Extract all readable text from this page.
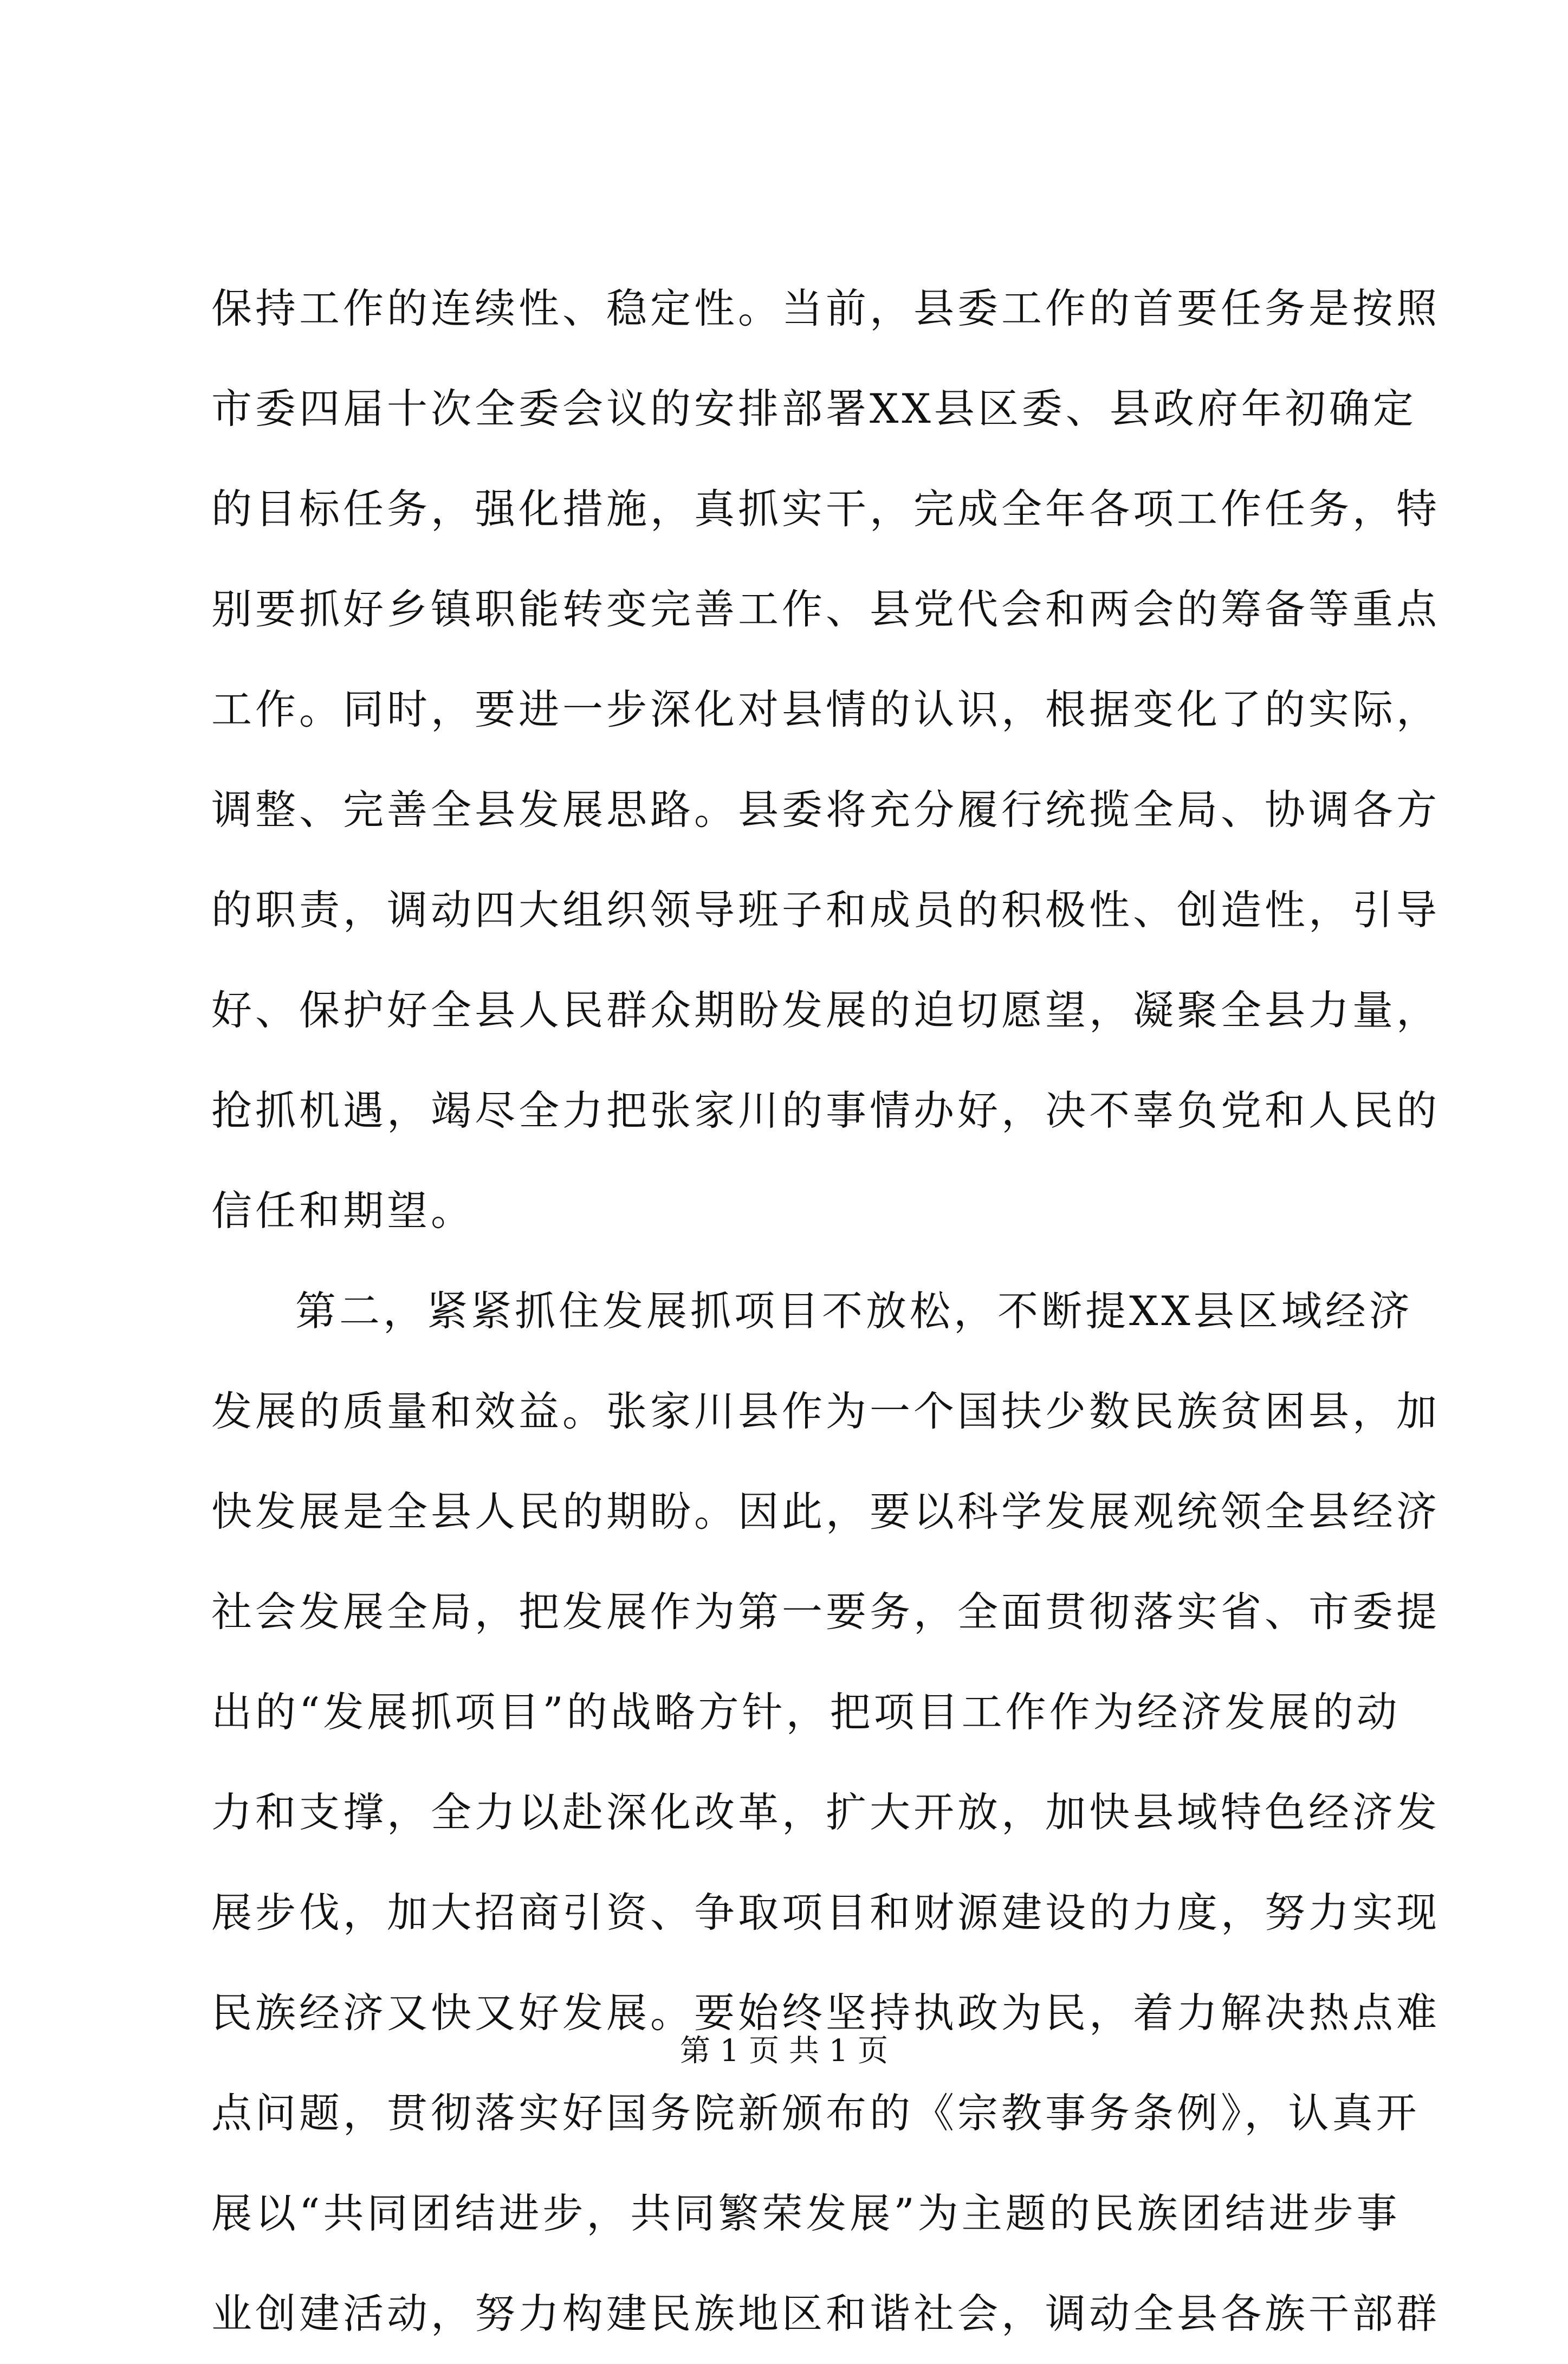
保持工作的连续性、稳定性。当前，县委工作的首要任务是按照
市委四届十次全委会议的安排部署XX县区委、县政府年初确定
的目标任务，强化措施，真抓实干，完成全年各项工作任务，特
别要抓好乡镇职能转变完善工作、县党代会和两会的筹备等重点
工作。同时，要进一步深化对县情的认识，根据变化了的实际，
调整、完善全县发展思路。县委将充分履行统揽全局、协调各方
的职责，调动四大组织领导班子和成员的积极性、创造性，引导
好、保护好全县人民群众期盼发展的迫切愿望，凝聚全县力量，
抢抓机遇，竭尽全力把张家川的事情办好，决不辜负党和人民的
信任和期望。
第二，紧紧抓住发展抓项目不放松，不断提XX县区域经济
发展的质量和效益。张家川县作为一个国扶少数民族贫困县，加
快发展是全县人民的期盼。因此，要以科学发展观统领全县经济
社会发展全局，把发展作为第一要务，全面贯彻落实省、市委提
出的“发展抓项目”的战略方针，把项目工作作为经济发展的动
力和支撑，全力以赴深化改革，扩大开放，加快县域特色经济发
展步伐，加大招商引资、争取项目和财源建设的力度，努力实现
民族经济又快又好发展。要始终坚持执政为民，着力解决热点难
点问题，贯彻落实好国务院新颁布的《宗教事务条例》，认真开
展以“共同团结进步，共同繁荣发展”为主题的民族团结进步事
业创建活动，努力构建民族地区和谐社会，调动全县各族干部群
第 1 页 共 1 页
